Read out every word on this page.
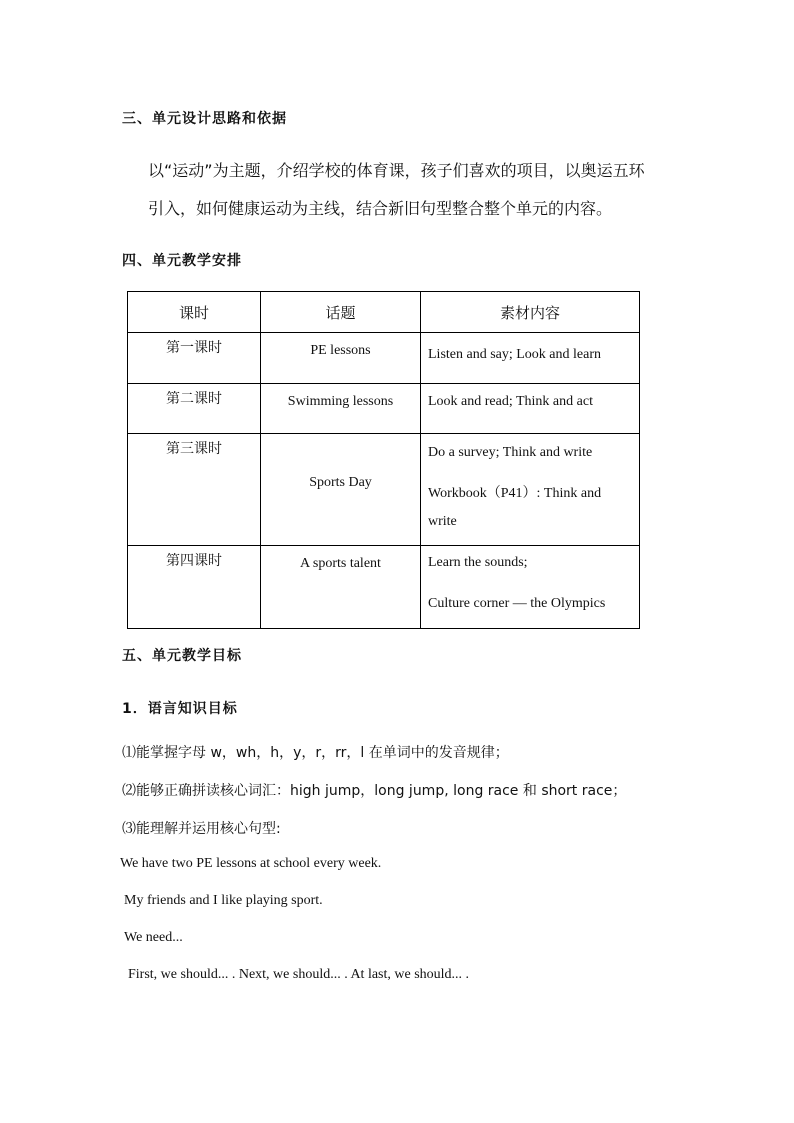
三、单元设计思路和依据
以“运动”为主题，介绍学校的体育课，孩子们喜欢的项目，以奥运五环
引入，如何健康运动为主线，结合新旧句型整合整个单元的内容。
四、单元教学安排
课时	话题	素材内容
第一课时	PE lessons	Listen and say; Look and learn

第二课时	Swimming lessons	Look and read; Think and act

第三课时	Sports Day	Do a survey; Think and write
Workbook（P41）: Think and
write

第四课时	A sports talent	Learn the sounds;
Culture corner — the Olympics
五、单元教学目标
1．语言知识目标
⑴能掌握字母 w，wh，h，y，r，rr，l 在单词中的发音规律；
⑵能够正确拼读核心词汇：high jump，long jump, long race 和 short race；
⑶能理解并运用核心句型:
We have two PE lessons at school every week.
My friends and I like playing sport.
We need...
First, we should... . Next, we should... . At last, we should... .
